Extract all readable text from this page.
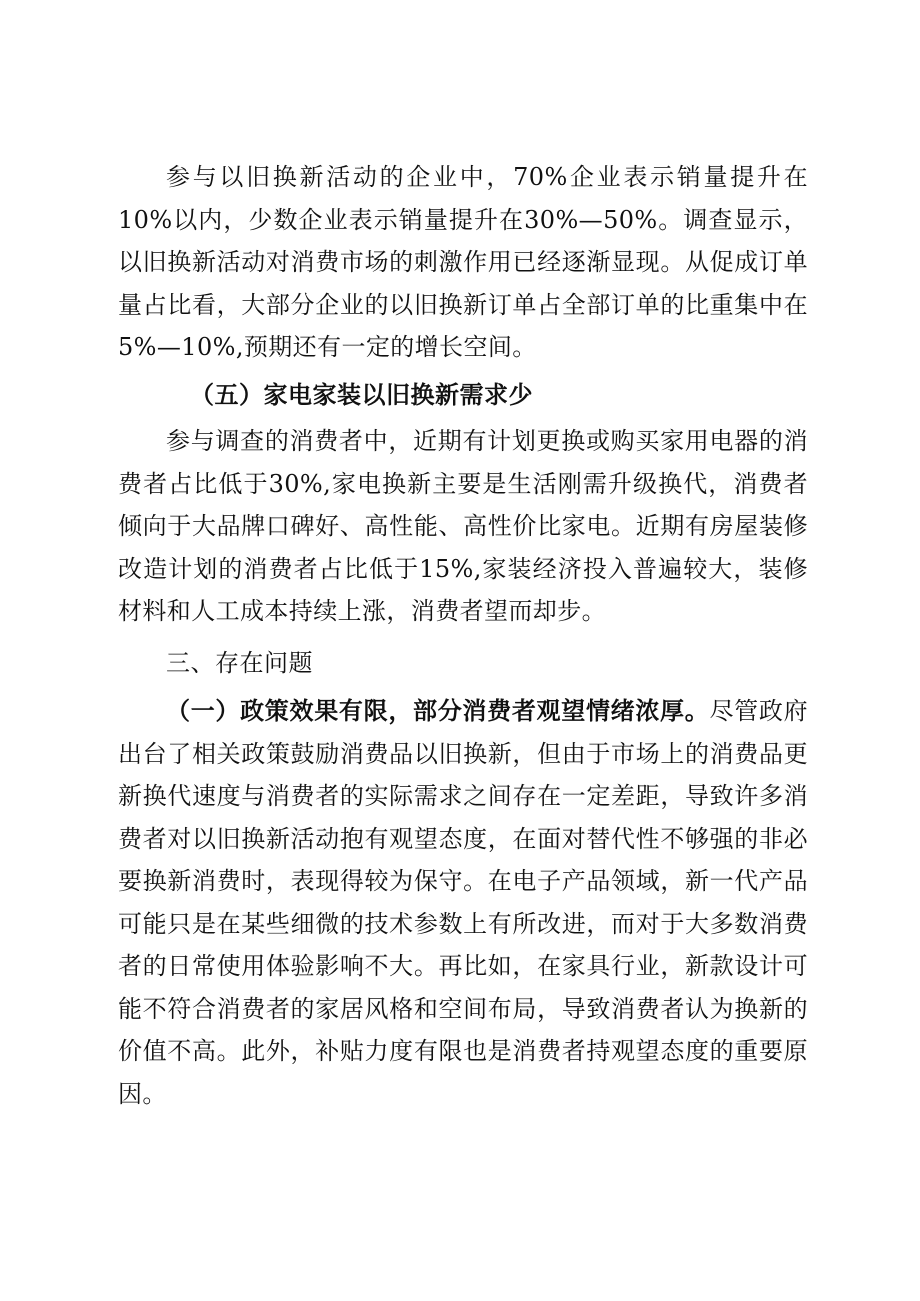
参与以旧换新活动的企业中，70%企业表示销量提升在10%以内，少数企业表示销量提升在30%—50%。调查显示，以旧换新活动对消费市场的刺激作用已经逐渐显现。从促成订单量占比看，大部分企业的以旧换新订单占全部订单的比重集中在5%—10%,预期还有一定的增长空间。

（五）家电家装以旧换新需求少

参与调查的消费者中，近期有计划更换或购买家用电器的消费者占比低于30%,家电换新主要是生活刚需升级换代，消费者倾向于大品牌口碑好、高性能、高性价比家电。近期有房屋装修改造计划的消费者占比低于15%,家装经济投入普遍较大，装修材料和人工成本持续上涨，消费者望而却步。

三、存在问题

（一）政策效果有限，部分消费者观望情绪浓厚。尽管政府出台了相关政策鼓励消费品以旧换新，但由于市场上的消费品更新换代速度与消费者的实际需求之间存在一定差距，导致许多消费者对以旧换新活动抱有观望态度，在面对替代性不够强的非必要换新消费时，表现得较为保守。在电子产品领域，新一代产品可能只是在某些细微的技术参数上有所改进，而对于大多数消费者的日常使用体验影响不大。再比如，在家具行业，新款设计可能不符合消费者的家居风格和空间布局，导致消费者认为换新的价值不高。此外，补贴力度有限也是消费者持观望态度的重要原因。
